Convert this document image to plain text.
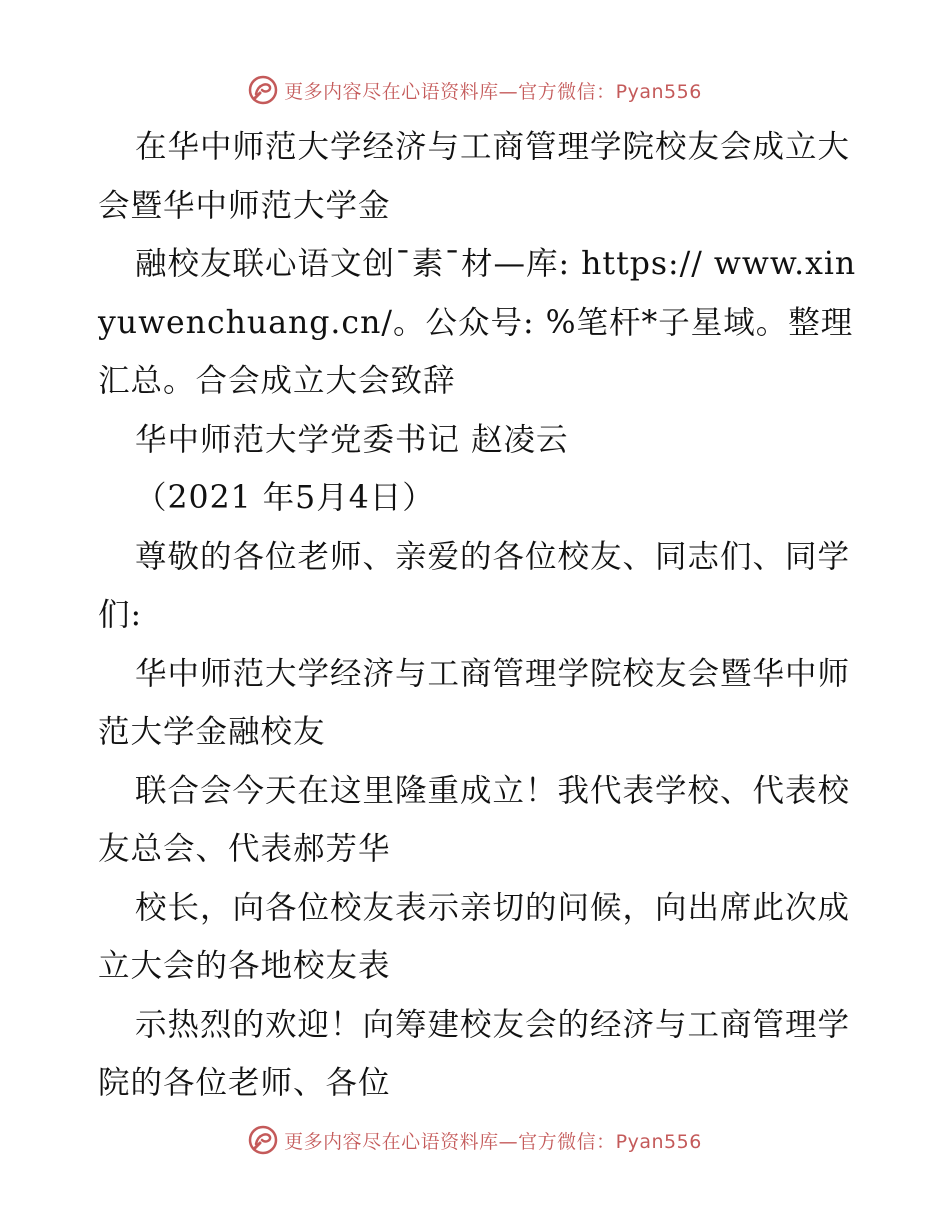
更多内容尽在心语资料库—官方微信：Pyan556

在华中师范大学经济与工商管理学院校友会成立大会暨华中师范大学金

融校友联心语文创¯素¯材—库: https:// www.xinyuwenchuang.cn/。公众号: %笔杆*子星域。整理汇总。合会成立大会致辞

华中师范大学党委书记 赵凌云

（2021 年5月4日）

尊敬的各位老师、亲爱的各位校友、同志们、同学们:

华中师范大学经济与工商管理学院校友会暨华中师范大学金融校友

联合会今天在这里隆重成立！我代表学校、代表校友总会、代表郝芳华

校长，向各位校友表示亲切的问候，向出席此次成立大会的各地校友表

示热烈的欢迎！向筹建校友会的经济与工商管理学院的各位老师、各位

更多内容尽在心语资料库—官方微信：Pyan556
